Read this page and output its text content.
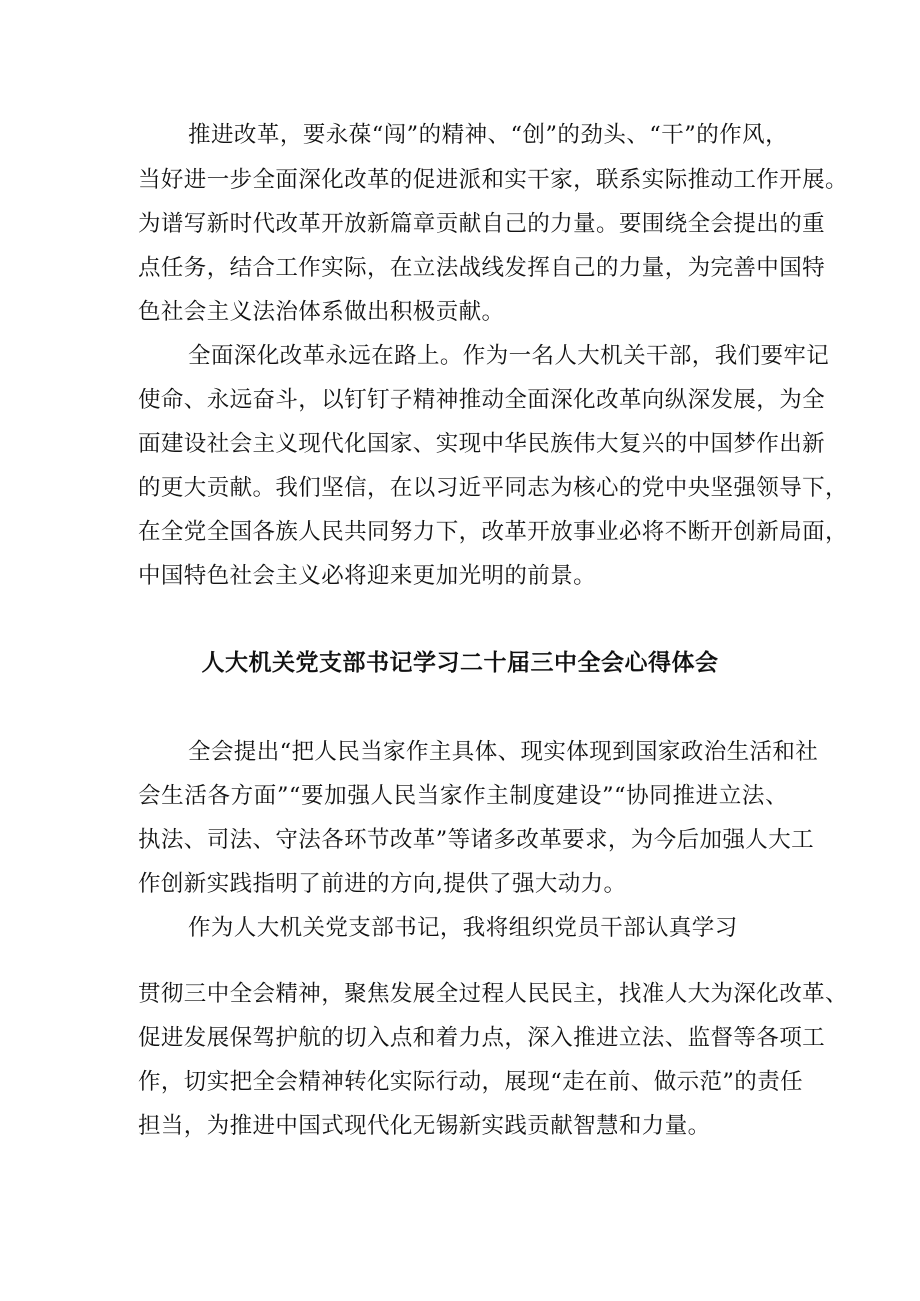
推进改革，要永葆“闯”的精神、“创”的劲头、“干”的作风，
当好进一步全面深化改革的促进派和实干家，联系实际推动工作开展。
为谱写新时代改革开放新篇章贡献自己的力量。要围绕全会提出的重
点任务，结合工作实际，在立法战线发挥自己的力量，为完善中国特
色社会主义法治体系做出积极贡献。
全面深化改革永远在路上。作为一名人大机关干部，我们要牢记
使命、永远奋斗，以钉钉子精神推动全面深化改革向纵深发展，为全
面建设社会主义现代化国家、实现中华民族伟大复兴的中国梦作出新
的更大贡献。我们坚信，在以习近平同志为核心的党中央坚强领导下，
在全党全国各族人民共同努力下，改革开放事业必将不断开创新局面，
中国特色社会主义必将迎来更加光明的前景。
人大机关党支部书记学习二十届三中全会心得体会
全会提出“把人民当家作主具体、现实体现到国家政治生活和社
会生活各方面”“要加强人民当家作主制度建设”“协同推进立法、
执法、司法、守法各环节改革”等诸多改革要求，为今后加强人大工
作创新实践指明了前进的方向,提供了强大动力。
作为人大机关党支部书记，我将组织党员干部认真学习
贯彻三中全会精神，聚焦发展全过程人民民主，找准人大为深化改革、
促进发展保驾护航的切入点和着力点，深入推进立法、监督等各项工
作，切实把全会精神转化实际行动，展现“走在前、做示范”的责任
担当，为推进中国式现代化无锡新实践贡献智慧和力量。
